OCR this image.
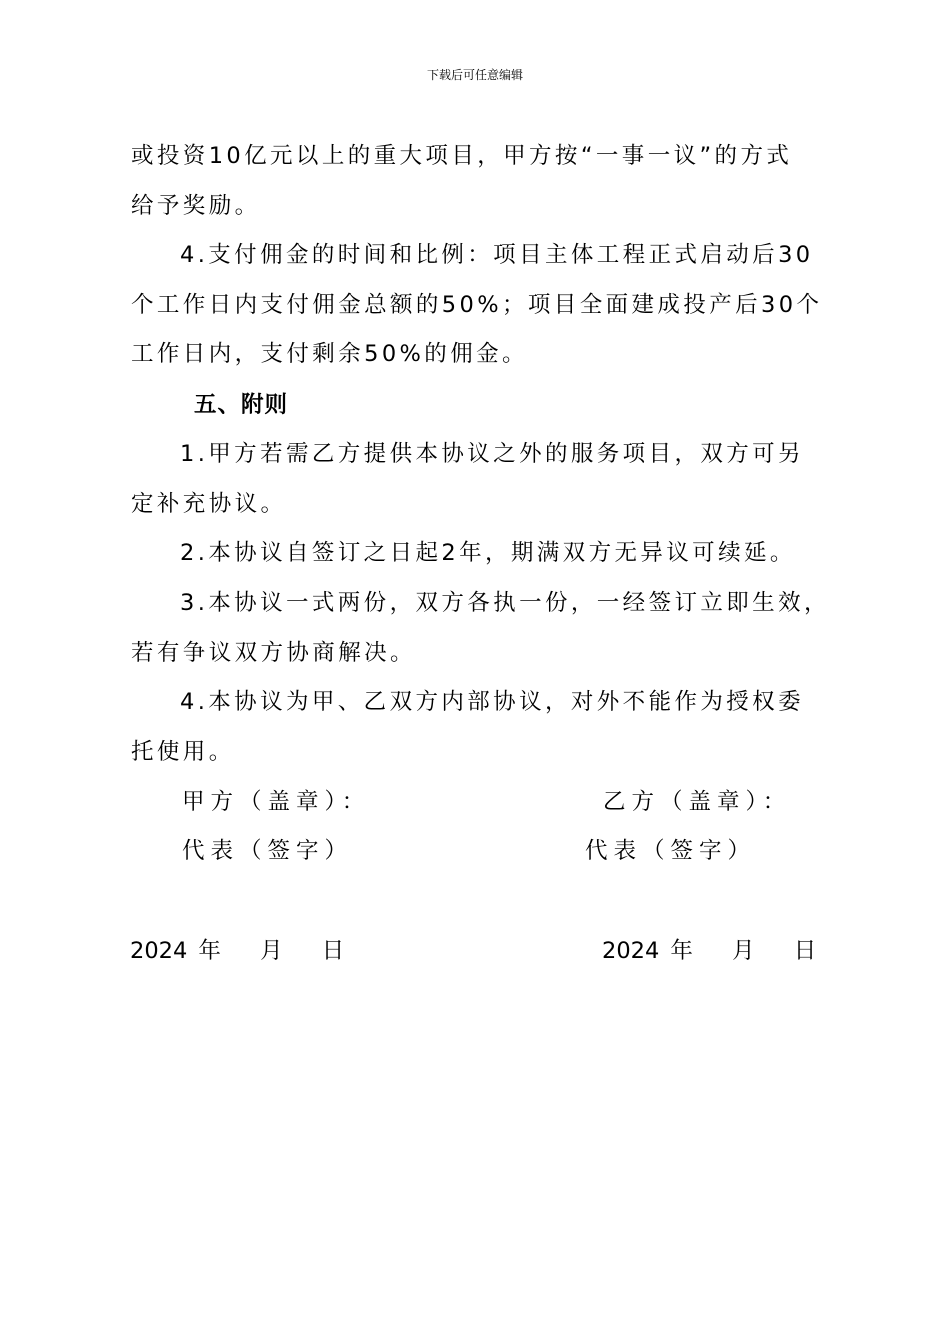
下载后可任意编辑
或投资10亿元以上的重大项目，甲方按“一事一议”的方式
给予奖励。
4.支付佣金的时间和比例：项目主体工程正式启动后30
个工作日内支付佣金总额的50%；项目全面建成投产后30个
工作日内，支付剩余50%的佣金。
五、附则
1.甲方若需乙方提供本协议之外的服务项目，双方可另
定补充协议。
2.本协议自签订之日起2年，期满双方无异议可续延。
3.本协议一式两份，双方各执一份，一经签订立即生效，
若有争议双方协商解决。
4.本协议为甲、乙双方内部协议，对外不能作为授权委
托使用。
甲方（盖章）：	乙方（盖章）：
代表（签字）	代表（签字）
2024 年 月 日	2024 年 月 日
